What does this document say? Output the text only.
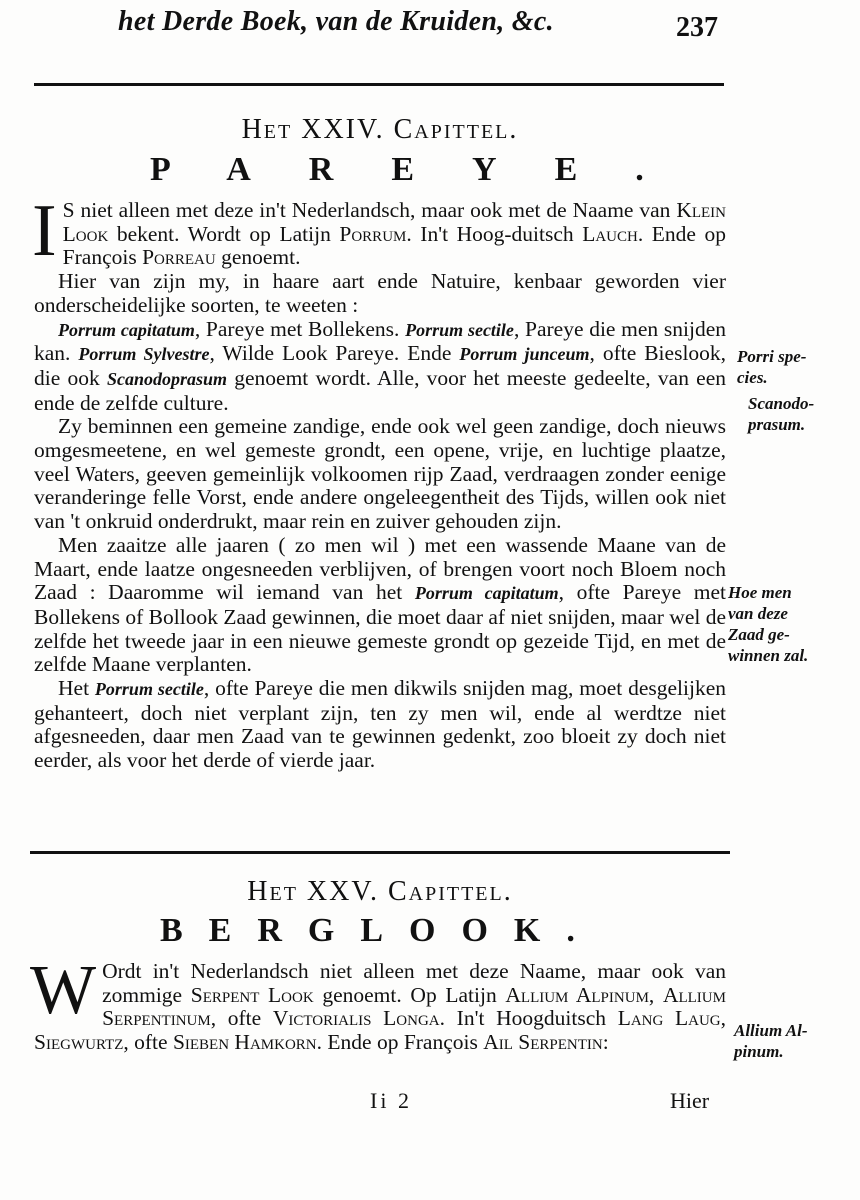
het Derde Boek, van de Kruiden, &c.	237
Het XXIV. Capittel.
PAREYE.

I S niet alleen met deze in't Nederlandsch, maar ook met de Naame van Klein Look bekent. Wordt op Latijn Porrum. In't Hoog-duitsch Lauch. Ende op François Porreau genoemt.

Hier van zijn my, in haare aart ende Natuire, kenbaar geworden vier onderscheidelijke soorten, te weeten :

Porrum capitatum, Pareye met Bollekens. Porrum sectile, Pareye die men snijden kan. Porrum Sylvestre, Wilde Look Pareye. Ende Porrum junceum, ofte Bieslook, die ook Scanodoprasum genoemt wordt. Alle, voor het meeste gedeelte, van een ende de zelfde culture.

Zy beminnen een gemeine zandige, ende ook wel geen zandige, doch nieuws omgesmeetene, en wel gemeste grondt, een opene, vrije, en luchtige plaatze, veel Waters, geeven gemeinlijk volkoomen rijp Zaad, verdraagen zonder eenige veranderinge felle Vorst, ende andere ongeleegentheit des Tijds, willen ook niet van 't onkruid onderdrukt, maar rein en zuiver gehouden zijn.

Men zaaitze alle jaaren ( zo men wil ) met een wassende Maane van de Maart, ende laatze ongesneeden verblijven, of brengen voort noch Bloem noch Zaad : Daaromme wil iemand van het Porrum capitatum, ofte Pareye met Bollekens of Bollook Zaad gewinnen, die moet daar af niet snijden, maar wel de zelfde het tweede jaar in een nieuwe gemeste grondt op gezeide Tijd, en met de zelfde Maane verplanten.

Het Porrum sectile, ofte Pareye die men dikwils snijden mag, moet desgelijken gehanteert, doch niet verplant zijn, ten zy men wil, ende al werdtze niet afgesneeden, daar men Zaad van te gewinnen gedenkt, zoo bloeit zy doch niet eerder, als voor het derde of vierde jaar.

Porri spe-
cies.
Scanodo-
prasum.
Hoe men
van deze
Zaad ge-
winnen zal.
Het XXV. Capittel.
BERGLOOK.

W Ordt in't Nederlandsch niet alleen met deze Naame, maar ook van zommige Serpent Look genoemt. Op Latijn Allium Alpinum, Allium Serpentinum, ofte Victorialis Longa. In't Hoogduitsch Lang Laug, Siegwurtz, ofte Sieben Hamkorn. Ende op François Ail Serpentin:	Allium Al-
pinum.
Ii 2	Hier
